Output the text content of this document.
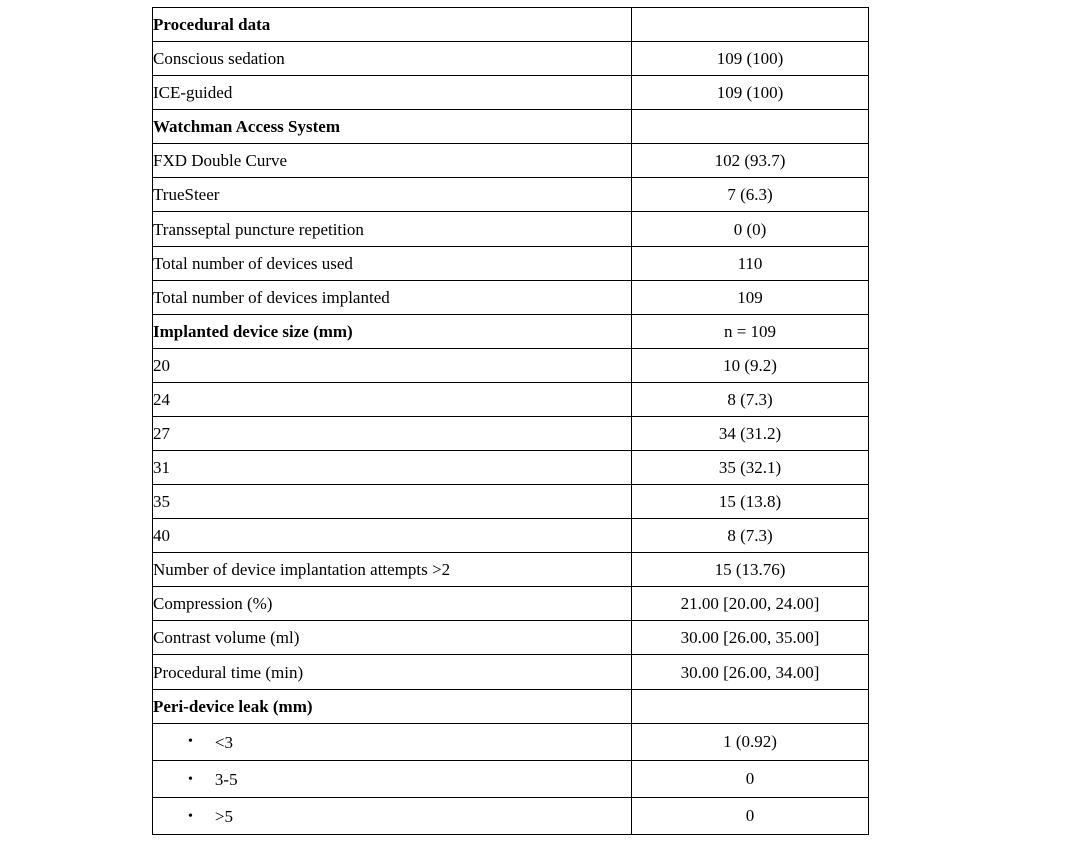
Procedural data	
Conscious sedation	109 (100)
ICE-guided	109 (100)
Watchman Access System	
FXD Double Curve	102 (93.7)
TrueSteer	7 (6.3)
Transseptal puncture repetition	0 (0)
Total number of devices used	110
Total number of devices implanted	109
Implanted device size (mm)	n = 109
20	10 (9.2)
24	8 (7.3)
27	34 (31.2)
31	35 (32.1)
35	15 (13.8)
40	8 (7.3)
Number of device implantation attempts >2	15 (13.76)
Compression (%)	21.00 [20.00, 24.00]
Contrast volume (ml)	30.00 [26.00, 35.00]
Procedural time (min)	30.00 [26.00, 34.00]
Peri-device leak (mm)	
• <3	1 (0.92)
• 3-5	0
• >5	0
